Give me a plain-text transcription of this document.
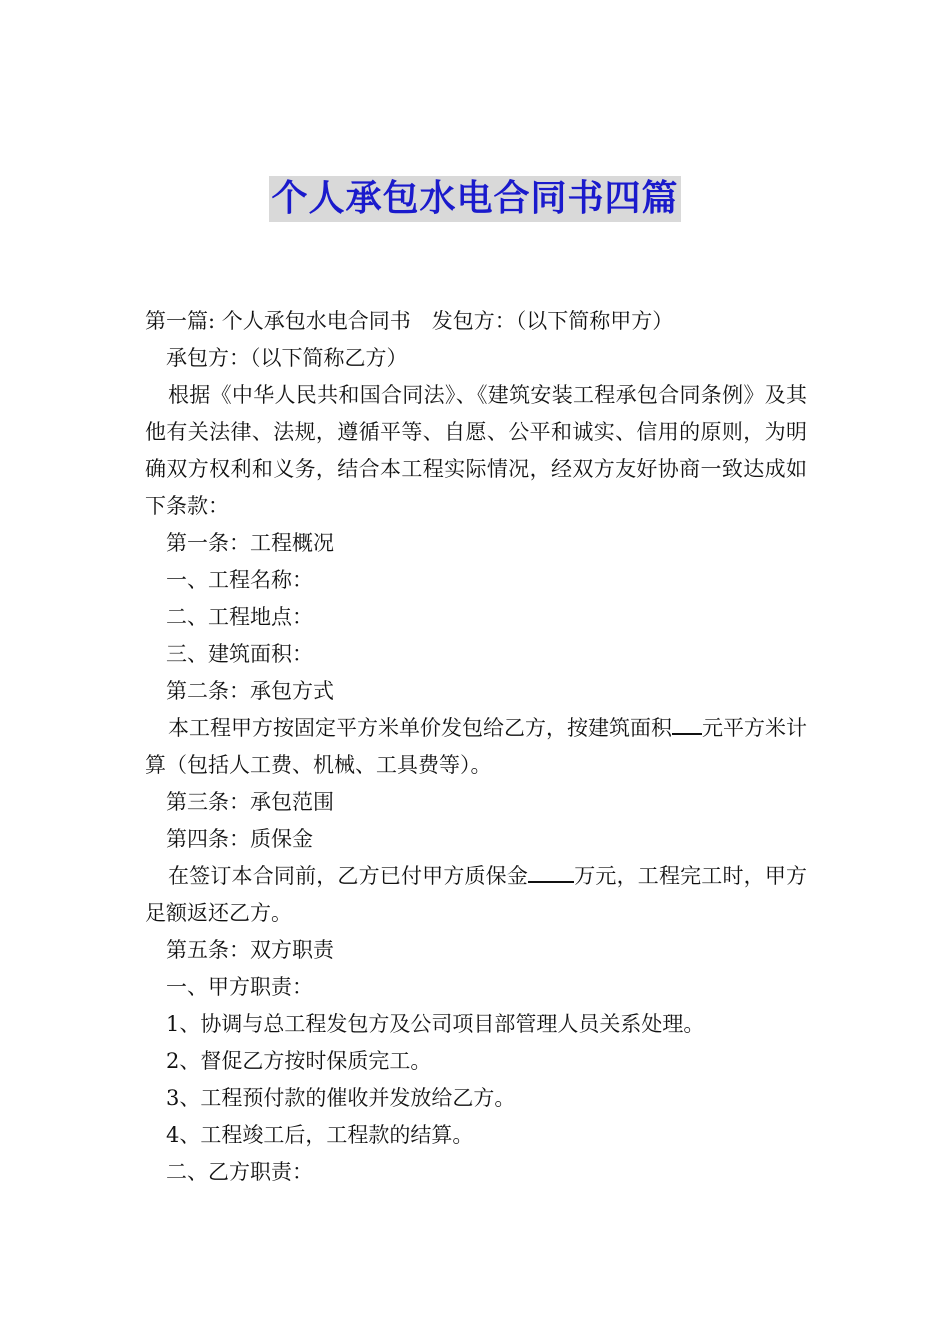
个人承包水电合同书四篇

第一篇: 个人承包水电合同书　发包方：（以下简称甲方）

承包方：（以下简称乙方）

根据《中华人民共和国合同法》、《建筑安装工程承包合同条例》及其他有关法律、法规，遵循平等、自愿、公平和诚实、信用的原则，为明确双方权利和义务，结合本工程实际情况，经双方友好协商一致达成如下条款：

第一条：工程概况

一、工程名称：

二、工程地点：

三、建筑面积：

第二条：承包方式

本工程甲方按固定平方米单价发包给乙方，按建筑面积 元平方米计算（包括人工费、机械、工具费等）。

第三条：承包范围

第四条：质保金

在签订本合同前，乙方已付甲方质保金 万元，工程完工时，甲方足额返还乙方。

第五条：双方职责

一、甲方职责：

1、协调与总工程发包方及公司项目部管理人员关系处理。

2、督促乙方按时保质完工。

3、工程预付款的催收并发放给乙方。

4、工程竣工后，工程款的结算。

二、乙方职责：
